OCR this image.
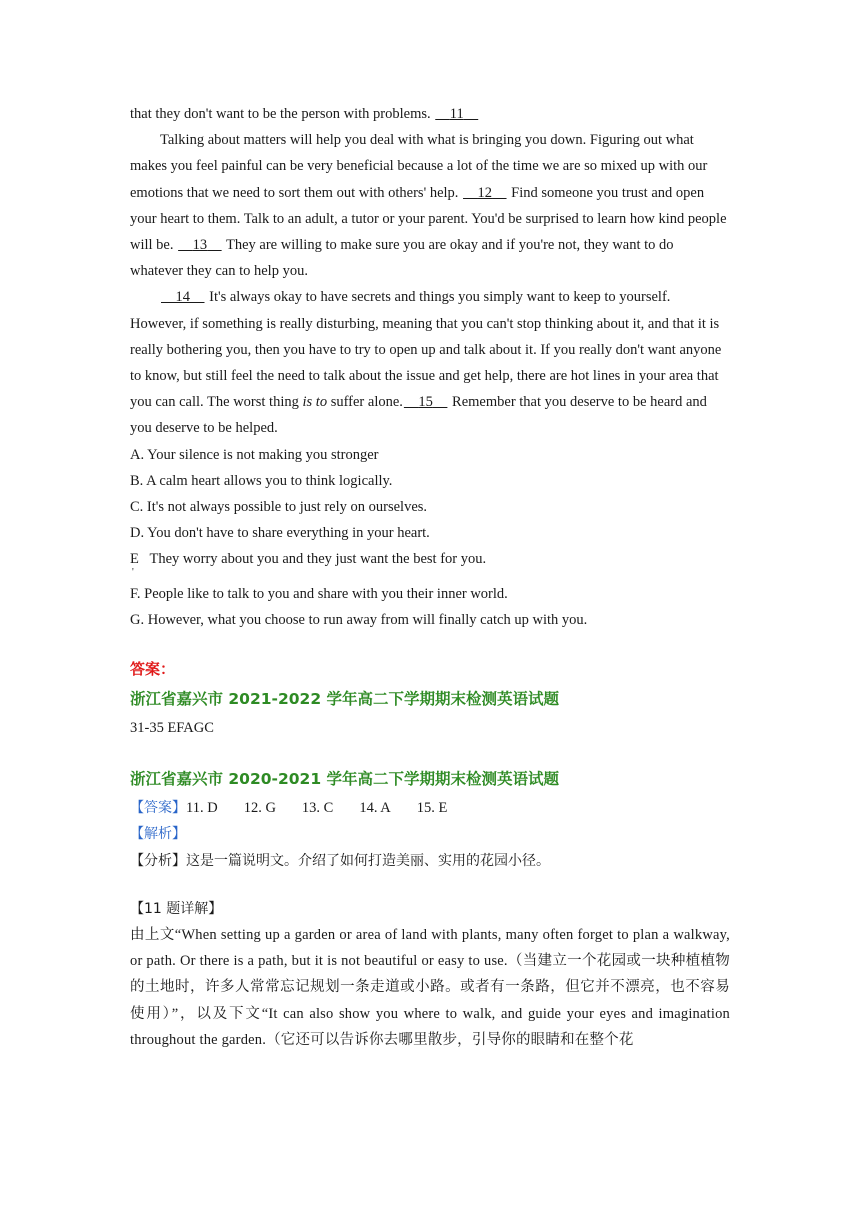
that they don't want to be the person with problems. 11

Talking about matters will help you deal with what is bringing you down. Figuring out what makes you feel painful can be very beneficial because a lot of the time we are so mixed up with our emotions that we need to sort them out with others' help. 12 Find someone you trust and open your heart to them. Talk to an adult, a tutor or your parent. You'd be surprised to learn how kind people will be. 13 They are willing to make sure you are okay and if you're not, they want to do whatever they can to help you.

14 It's always okay to have secrets and things you simply want to keep to yourself. However, if something is really disturbing, meaning that you can't stop thinking about it, and that it is really bothering you, then you have to try to open up and talk about it. If you really don't want anyone to know, but still feel the need to talk about the issue and get help, there are hot lines in your area that you can call. The worst thing is to suffer alone. 15 Remember that you deserve to be heard and you deserve to be helped.

A. Your silence is not making you stronger

B. A calm heart allows you to think logically.

C. It's not always possible to just rely on ourselves.

D. You don't have to share everything in your heart.

E   They worry about you and they just want the best for you.

'

F. People like to talk to you and share with you their inner world.

G. However, what you choose to run away from will finally catch up with you.

答案：

浙江省嘉兴市 2021-2022 学年高二下学期期末检测英语试题

31-35 EFAGC

浙江省嘉兴市 2020-2021 学年高二下学期期末检测英语试题

【答案】11. D 12. G 13. C 14. A 15. E

【解析】

【分析】这是一篇说明文。介绍了如何打造美丽、实用的花园小径。

【11 题详解】

由上文“When setting up a garden or area of land with plants, many often forget to plan a walkway, or path. Or there is a path, but it is not beautiful or easy to use.（当建立一个花园或一块种植植物的土地时，许多人常常忘记规划一条走道或小路。或者有一条路，但它并不漂亮，也不容易使用）”，以及下文“It can also show you where to walk, and guide your eyes and imagination throughout the garden.（它还可以告诉你去哪里散步，引导你的眼睛和在整个花
